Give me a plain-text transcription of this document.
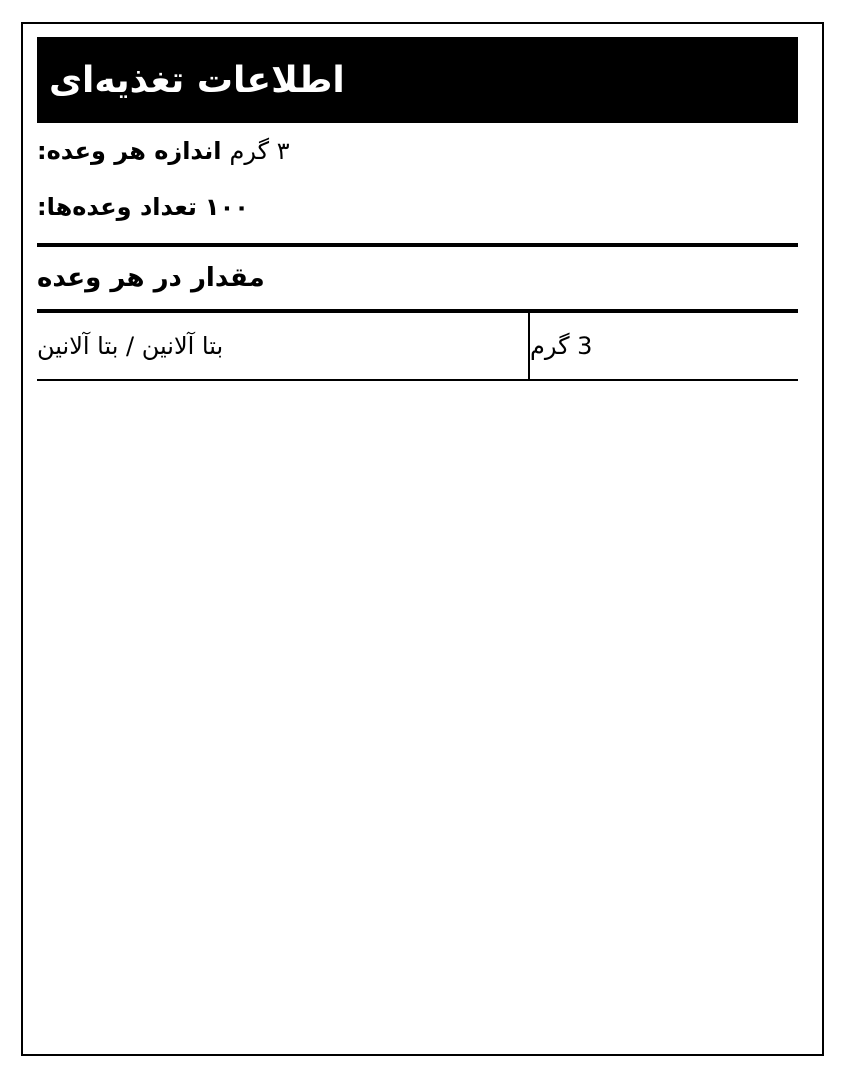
اطلاعات تغذیه‌ای
اندازه هر وعده: ۳ گرم
تعداد وعده‌ها: ۱۰۰
مقدار در هر وعده
بتا آلانین / بتا آلانین	3 گرم
